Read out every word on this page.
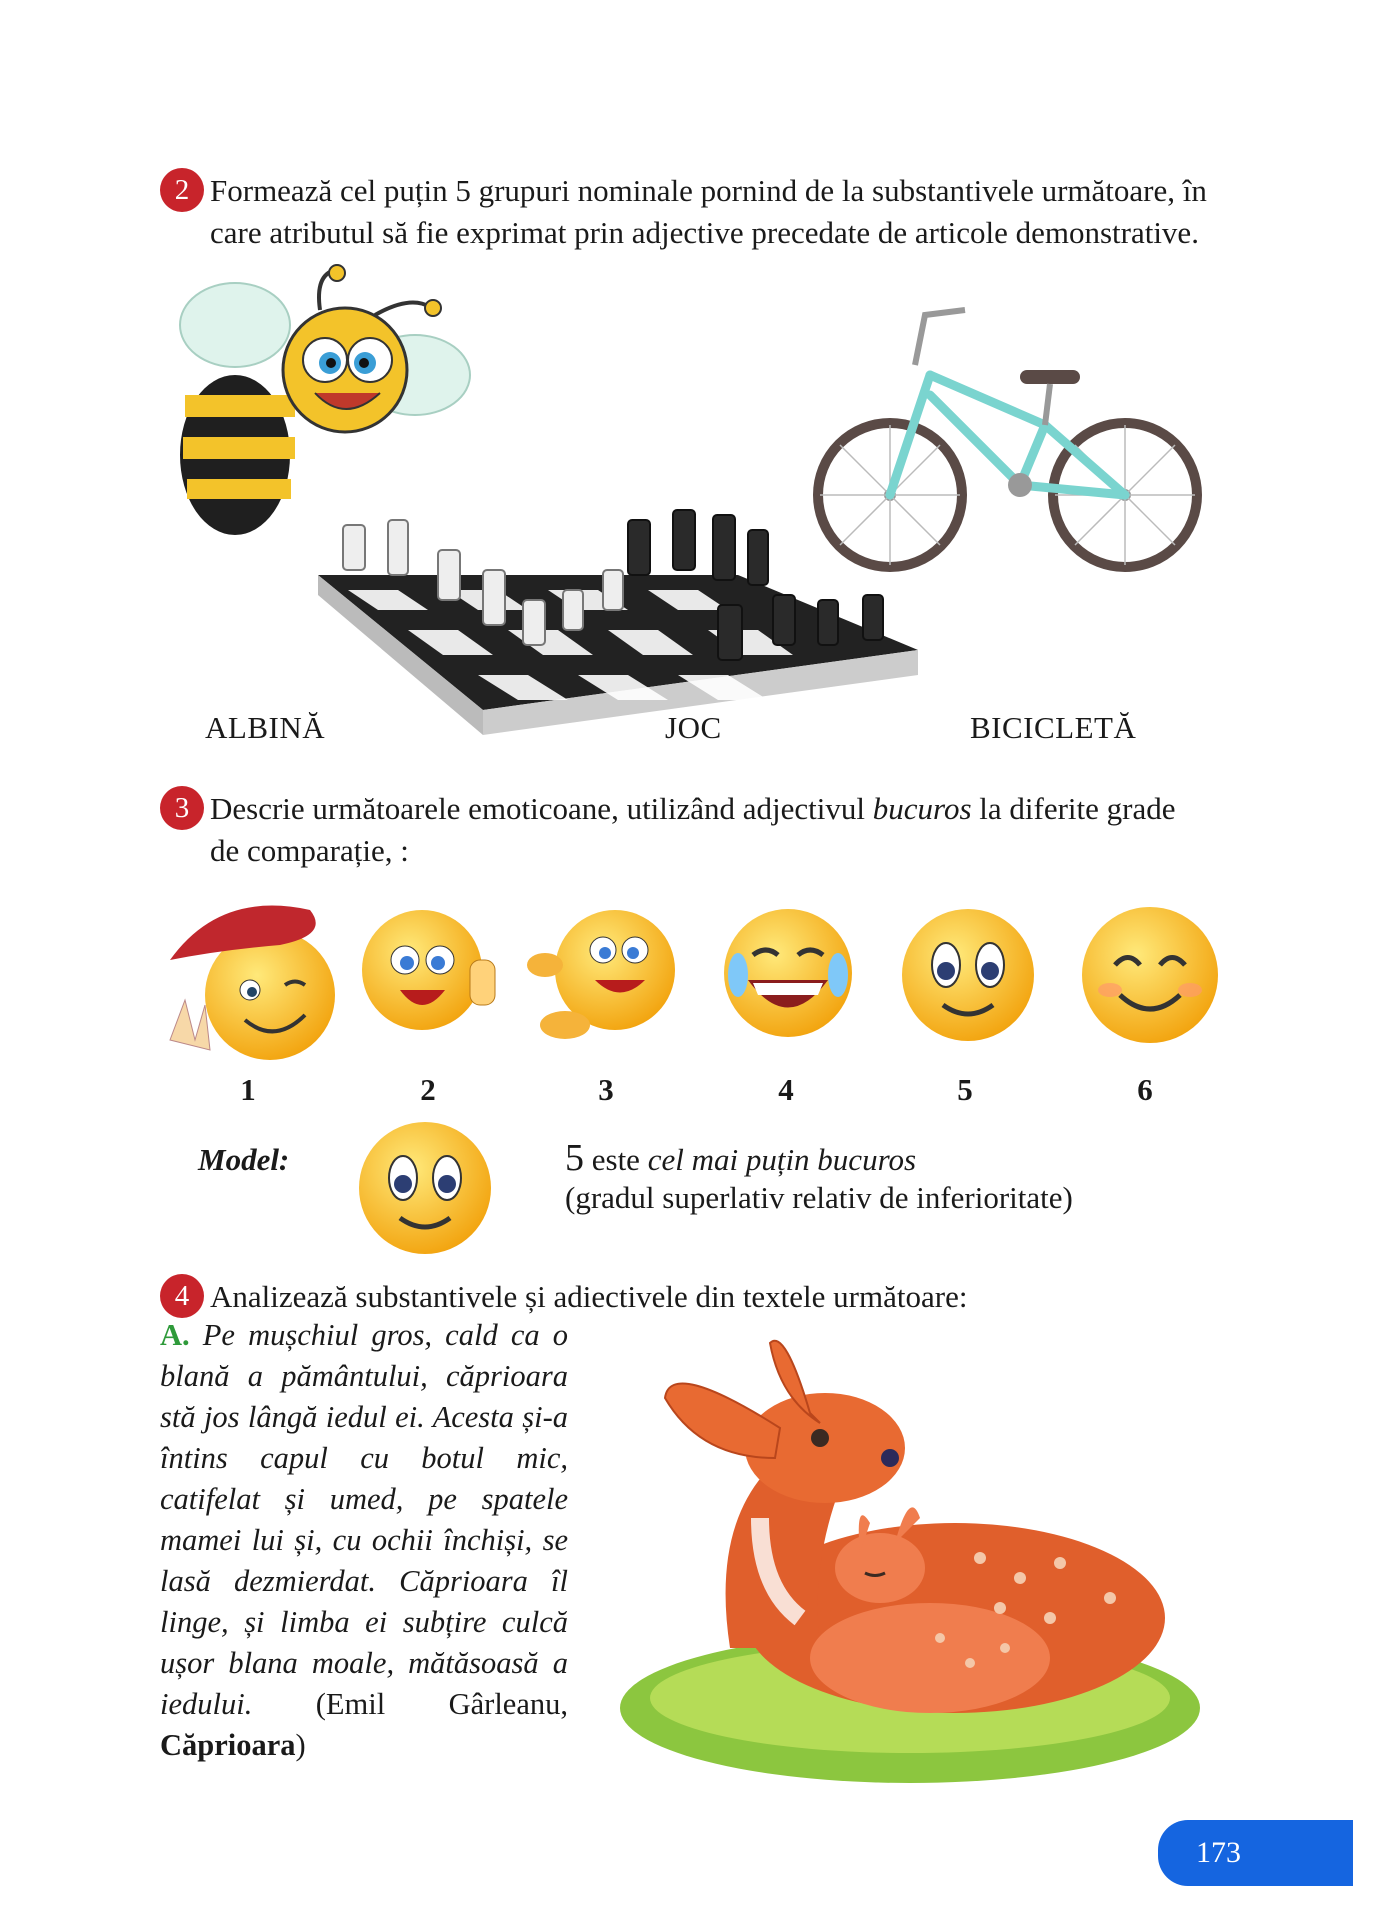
2 Formează cel puțin 5 grupuri nominale pornind de la substantivele următoare, în
care atributul să fie exprimat prin adjective precedate de articole demonstrative.
ALBINĂ	JOC	BICICLETĂ
3 Descrie următoarele emoticoane, utilizând adjectivul bucuros la diferite grade
de comparație, :
1	2	3	4	5	6
Model:	5 este cel mai puțin bucuros
(gradul superlativ relativ de inferioritate)
4 Analizează substantivele și adiectivele din textele următoare:
A. Pe mușchiul gros, cald ca o blană a pământului, căprioara stă jos lângă iedul ei. Acesta și-a întins capul cu botul mic, catifelat și umed, pe spatele mamei lui și, cu ochii închiși, se lasă dezmierdat. Căprioara îl linge, și limba ei subțire culcă ușor blana moale, mătăsoasă a iedului. (Emil Gârleanu, Căprioara)
173
